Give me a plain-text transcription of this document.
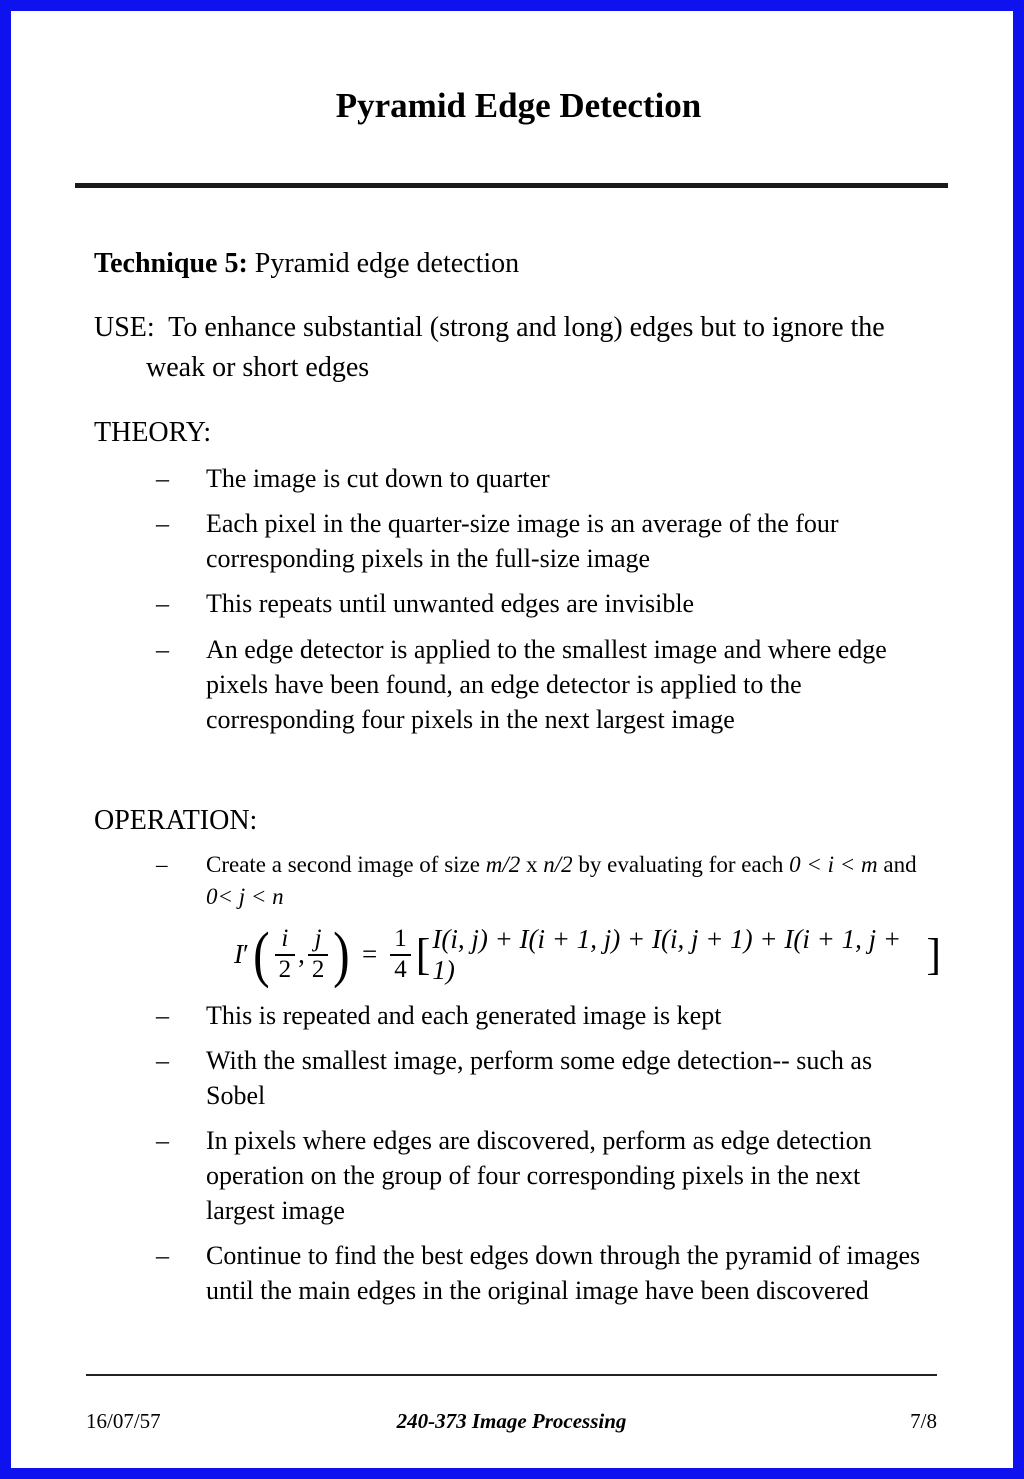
Pyramid Edge Detection
Technique 5: Pyramid edge detection
USE:  To enhance substantial (strong and long) edges but to ignore the weak or short edges
THEORY:
–	The image is cut down to quarter
–	Each pixel in the quarter-size image is an average of the four corresponding pixels in the full-size image
–	This repeats until unwanted edges are invisible
–	An edge detector is applied to the smallest image and where edge pixels have been found, an edge detector is applied to the corresponding four pixels in the next largest image
OPERATION:
–	Create a second image of size m/2 x n/2 by evaluating for each 0 < i < m and  0< j < n
I ′ ( $\frac{i}{2}$ , $\frac{j}{2}$ ) = $\frac{1}{4}$ [ I(i, j) + I(i + 1, j) + I(i, j + 1) + I(i + 1, j + 1)	]
–	This is repeated and each generated image is kept
–	With the smallest image, perform some edge detection-- such as Sobel
–	In pixels where edges are discovered, perform as edge detection operation on the group of four corresponding pixels in the next largest image
–	Continue to find the best edges down through the pyramid of images until the main edges in the original image have been discovered
16/07/57	240-373 Image Processing	7/8
